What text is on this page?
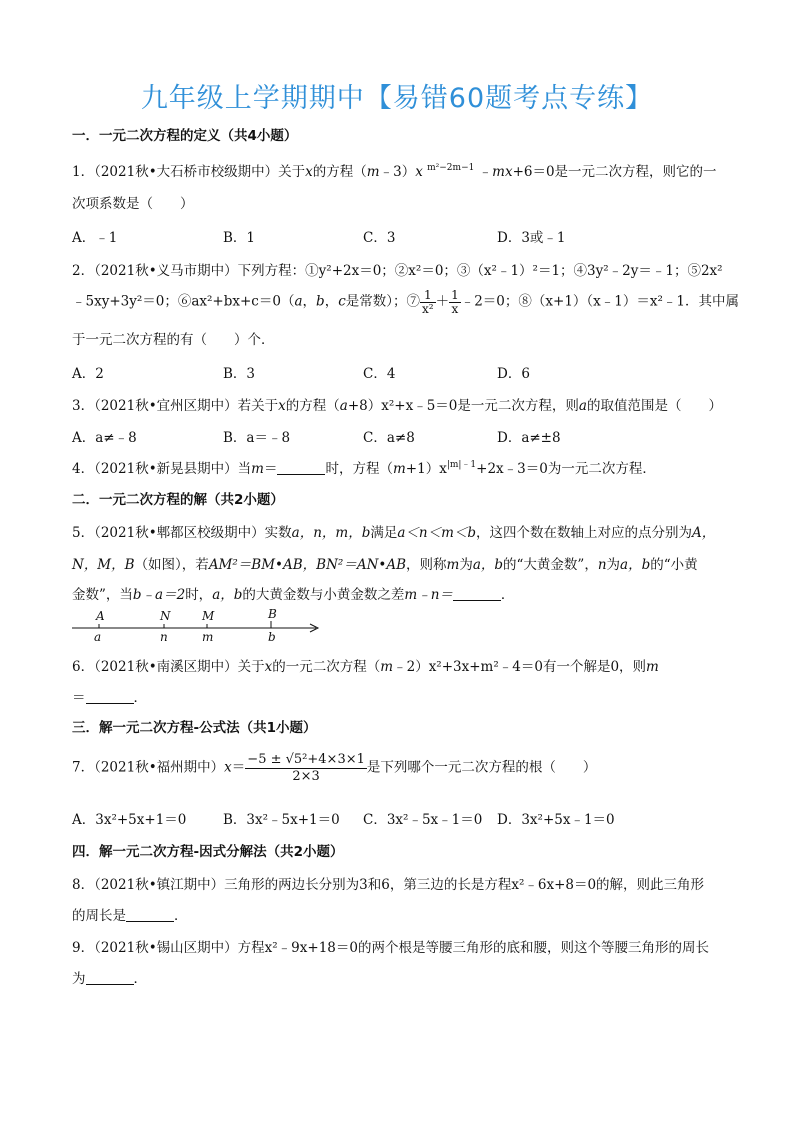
九年级上学期期中【易错60题考点专练】
一．一元二次方程的定义（共4小题）
1．（2021秋•大石桥市校级期中）关于x的方程（m﹣3）x $^{m^2-2m-1}$ ﹣mx+6＝0是一元二次方程，则它的一
次项系数是（　　）
A．﹣1	B．1	C．3	D．3或﹣1
2．（2021秋•义马市期中）下列方程：①y²+2x＝0；②x²＝0；③（x²﹣1）²＝1；④3y²﹣2y＝﹣1；⑤2x²
﹣5xy+3y²＝0；⑥ax²+bx+c＝0（a，b，c是常数）；⑦ $\frac{1}{\text{x²}} + \frac{1}{x}$ ﹣2＝0；⑧（x+1）（x﹣1）＝x²﹣1．其中属
于一元二次方程的有（　　）个．
A．2	B．3	C．4	D．6
3．（2021秋•宜州区期中）若关于x的方程（a+8）x²+x﹣5＝0是一元二次方程，则a的取值范围是（　　）
A．a≠﹣8	B．a＝﹣8	C．a≠8	D．a≠±8
4．（2021秋•新晃县期中）当m＝	时，方程$(m+1)x^{|m|﹣1}+2x﹣3=0$为一元二次方程．
二．一元二次方程的解（共2小题）
5．（2021秋•郫都区校级期中）实数a，n，m，b满足a＜n＜m＜b，这四个数在数轴上对应的点分别为A，
N，M，B（如图），若AM²＝BM•AB，BN²＝AN•AB，则称m为a，b的“大黄金数”，n为a，b的“小黄
金数”，当b﹣a＝2时，a，b的大黄金数与小黄金数之差m﹣n＝	．
A	N	M	B
a	n	m	b
6．（2021秋•南溪区期中）关于x的一元二次方程（m﹣2）x²+3x+m²﹣4＝0有一个解是0，则m
＝	．
三．解一元二次方程-公式法（共1小题）
7．（2021秋•福州期中）$x= \frac{\text{−5 ± √5²+4×3×1}}{2\times 3}$ 是下列哪个一元二次方程的根（　　）
A．3x²+5x+1＝0	B．3x²﹣5x+1＝0 C．3x²﹣5x﹣1＝0 D．3x²+5x﹣1＝0
四．解一元二次方程-因式分解法（共2小题）
8．（2021秋•镇江期中）三角形的两边长分别为3和6，第三边的长是方程x²﹣6x+8＝0的解，则此三角形
的周长是	．
9．（2021秋•锡山区期中）方程x²﹣9x+18＝0的两个根是等腰三角形的底和腰，则这个等腰三角形的周长
为	．
